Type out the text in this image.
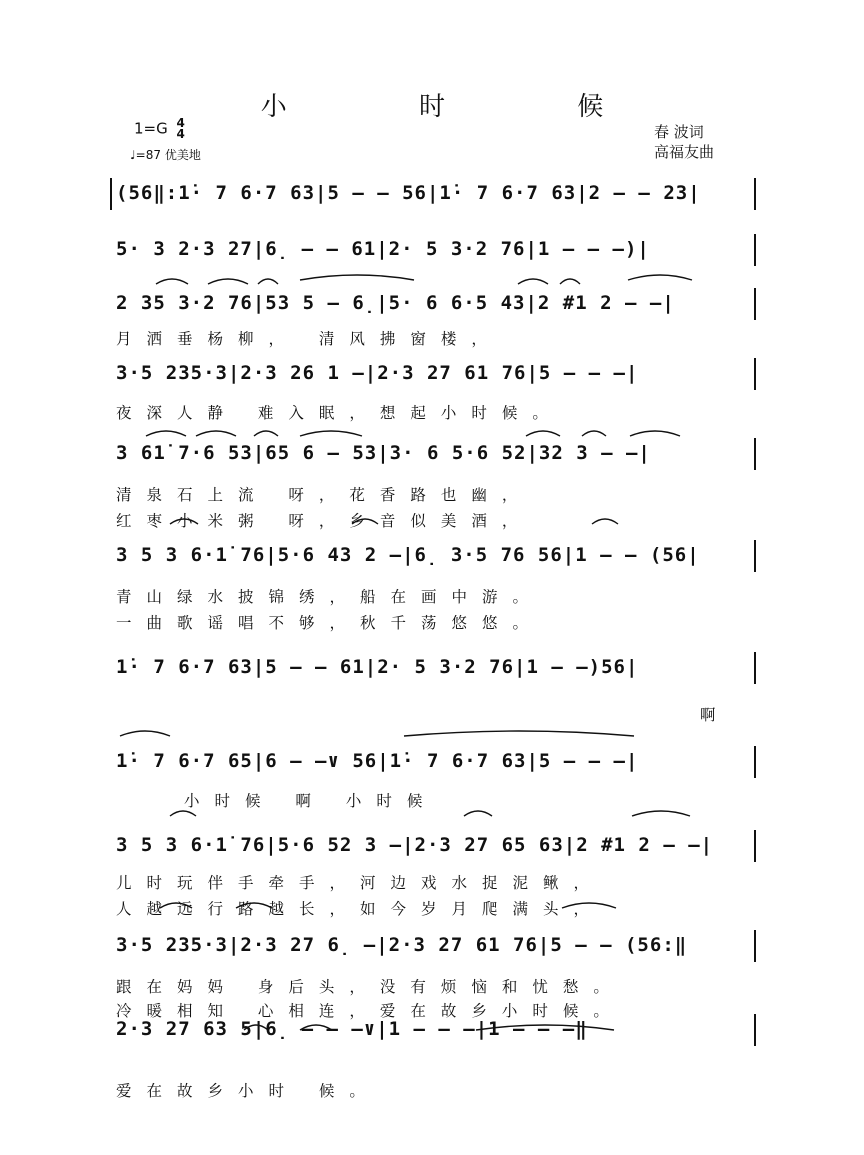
小 时 候
1=G 4
4
♩=87 优美地
春 波词
高福友曲
(56‖:1̇· 7 6·7 63|5 – – 56|1̇· 7 6·7 63|2 – – 23|
5· 3 2·3 27|6̣ – – 61|2· 5 3·2 76|1 – – –)|
2 35 3·2 76|53 5 – 6̣|5· 6 6·5 43|2 #1 2 – –|
月洒垂杨柳， 清风拂窗楼，
3·5 235·3|2·3 26 1 –|2·3 27 61 76|5 – – –|
夜深人静 难入眠，想起小时候。
3 61̇ 7·6 53|65 6 – 53|3· 6 5·6 52|32 3 – –|
清泉石上流 呀，花香路也幽，
红枣小米粥 呀，乡音似美酒，
3 5 3 6·1̇ 76|5·6 43 2 –|6̣ 3·5 76 56|1 – – (56|
青山绿水披锦绣，船在画中游。
一曲歌谣唱不够，秋千荡悠悠。
1̇· 7 6·7 63|5 – – 61|2· 5 3·2 76|1 – –)56|
啊
1̇· 7 6·7 65|6 – –∨ 56|1̇· 7 6·7 63|5 – – –|
小时候 啊 小时候
3 5 3 6·1̇ 76|5·6 52 3 –|2·3 27 65 63|2 #1 2 – –|
儿时玩伴手牵手，河边戏水捉泥鳅，
人越远行路越长，如今岁月爬满头，
3·5 235·3|2·3 27 6̣ –|2·3 27 61 76|5 – – (56:‖
跟在妈妈 身后头，没有烦恼和忧愁。
冷暖相知 心相连，爱在故乡小时候。
2·3 27 63 5|6̣ – – –∨|1 – – –|1 – – –‖
爱在故乡小时 候。
